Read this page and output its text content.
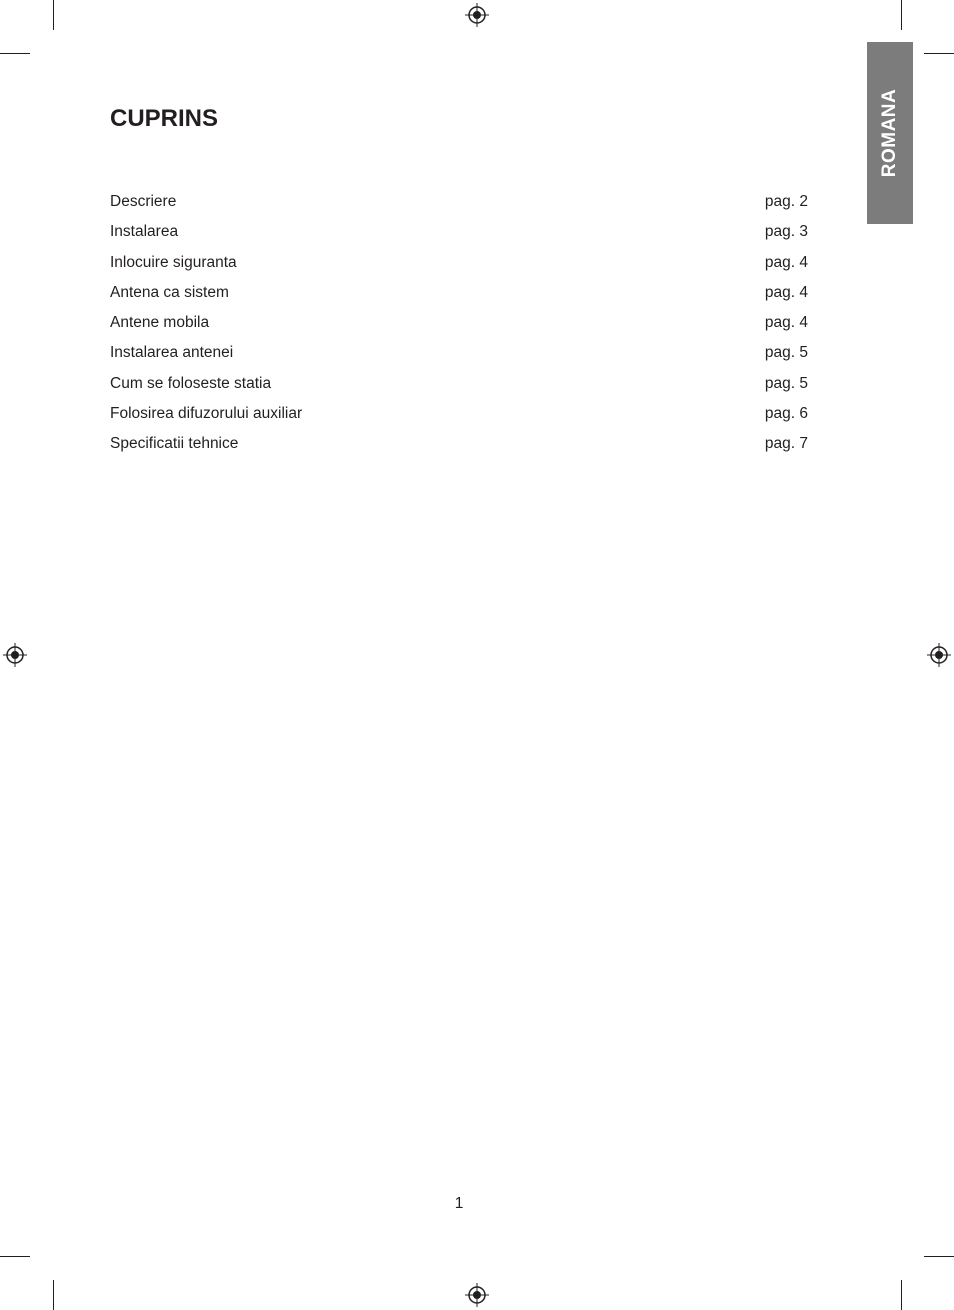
ROMANA
CUPRINS
Descriere	pag. 2
Instalarea	pag. 3
Inlocuire siguranta	pag. 4
Antena ca sistem	pag. 4
Antene mobila	pag. 4
Instalarea antenei	pag. 5
Cum se foloseste statia	pag. 5
Folosirea difuzorului auxiliar	pag. 6
Specificatii tehnice	pag. 7
1
